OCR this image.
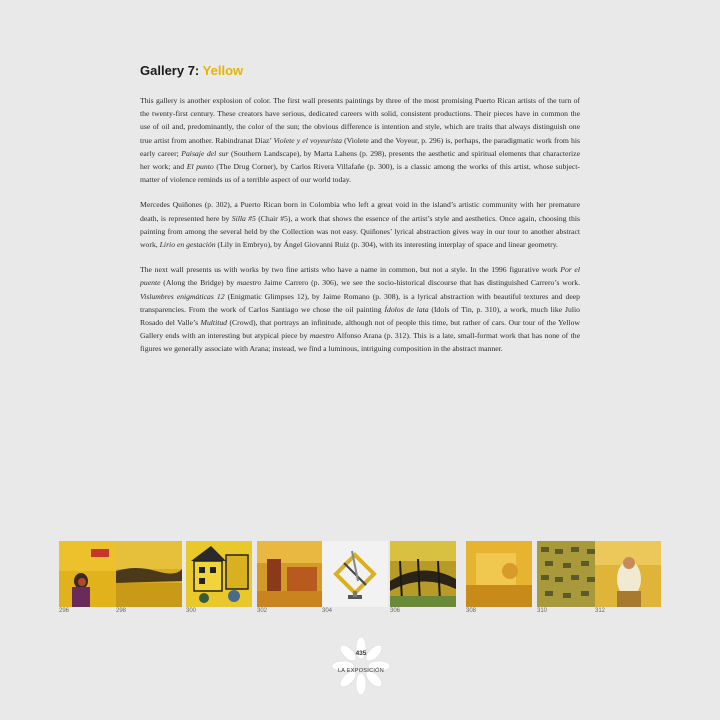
Gallery 7: Yellow

This gallery is another explosion of color. The first wall presents paintings by three of the most promising Puerto Rican artists of the turn of the twenty-first century. These creators have serious, dedicated careers with solid, consistent productions. Their pieces have in common the use of oil and, predominantly, the color of the sun; the obvious difference is intention and style, which are traits that always distinguish one true artist from another. Rabindranat Díaz’ Violete y el voyeurista (Violete and the Voyeur, p. 296) is, perhaps, the paradigmatic work from his early career; Paisaje del sur (Southern Landscape), by Marta Lahens (p. 298), presents the aesthetic and spiritual elements that characterize her work; and El punto (The Drug Corner), by Carlos Rivera Villafañe (p. 300), is a classic among the works of this artist, whose subject-matter of violence reminds us of a terrible aspect of our world today.

Mercedes Quiñones (p. 302), a Puerto Rican born in Colombia who left a great void in the island’s artistic community with her premature death, is represented here by Silla #5 (Chair #5), a work that shows the essence of the artist’s style and aesthetics. Once again, choosing this painting from among the several held by the Collection was not easy. Quiñones’ lyrical abstraction gives way in our tour to another abstract work, Lirio en gestación (Lily in Embryo), by Ángel Giovanni Ruiz (p. 304), with its interesting interplay of space and linear geometry.

The next wall presents us with works by two fine artists who have a name in common, but not a style. In the 1996 figurative work Por el puente (Along the Bridge) by maestro Jaime Carrero (p. 306), we see the socio-historical discourse that has distinguished Carrero’s work. Vislumbres enigmáticas 12 (Enigmatic Glimpses 12), by Jaime Romano (p. 308), is a lyrical abstraction with beautiful textures and deep transparencies. From the work of Carlos Santiago we chose the oil painting Ídolos de lata (Idols of Tin, p. 310), a work, much like Julio Rosado del Valle’s Multitud (Crowd), that portrays an infinitude, although not of people this time, but rather of cars. Our tour of the Yellow Gallery ends with an interesting but atypical piece by maestro Alfonso Arana (p. 312). This is a late, small-format work that has none of the figures we generally associate with Arana; instead, we find a luminous, intriguing composition in the abstract manner.

296	298	300	302	304	306	308	310	312
435
LA EXPOSICIÓN
